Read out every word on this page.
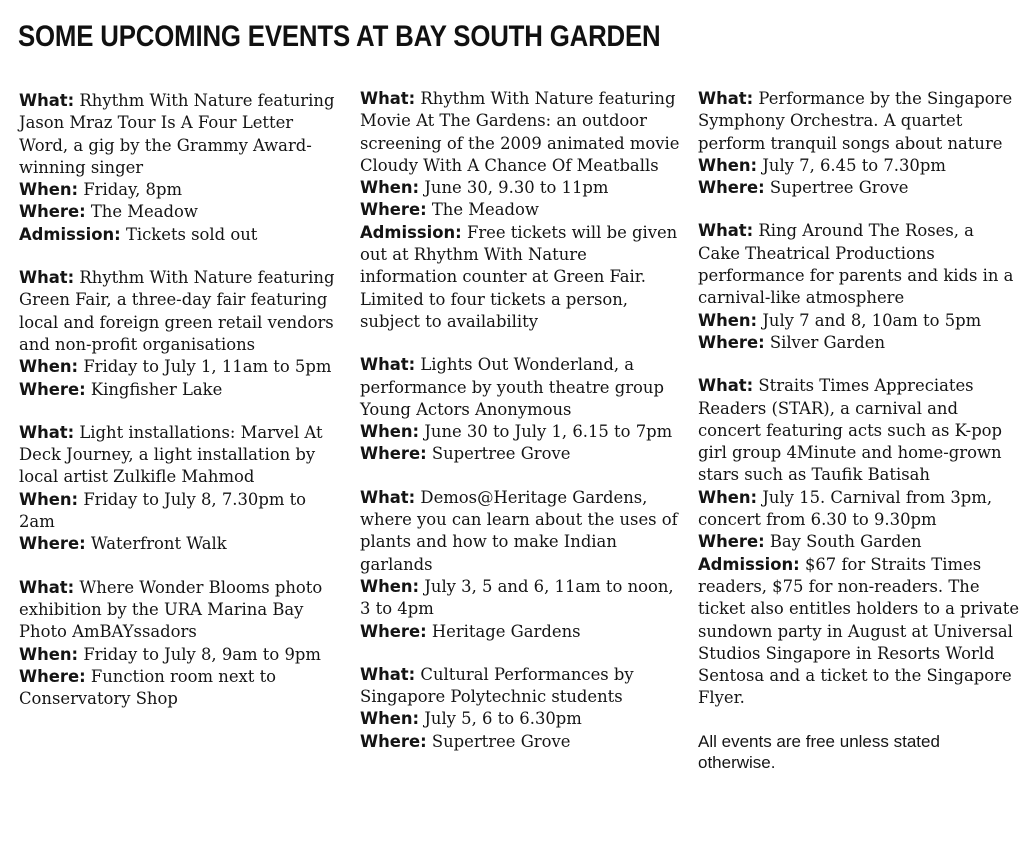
SOME UPCOMING EVENTS AT BAY SOUTH GARDEN

What: Rhythm With Nature featuring Jason Mraz Tour Is A Four Letter Word, a gig by the Grammy Award-winning singer

When: Friday, 8pm

Where: The Meadow

Admission: Tickets sold out

What: Rhythm With Nature featuring Green Fair, a three-day fair featuring local and foreign green retail vendors and non-profit organisations

When: Friday to July 1, 11am to 5pm

Where: Kingfisher Lake

What: Light installations: Marvel At Deck Journey, a light installation by local artist Zulkifle Mahmod

When: Friday to July 8, 7.30pm to 2am

Where: Waterfront Walk

What: Where Wonder Blooms photo exhibition by the URA Marina Bay Photo AmBAYssadors

When: Friday to July 8, 9am to 9pm

Where: Function room next to Conservatory Shop

What: Rhythm With Nature featuring Movie At The Gardens: an outdoor screening of the 2009 animated movie Cloudy With A Chance Of Meatballs

When: June 30, 9.30 to 11pm

Where: The Meadow

Admission: Free tickets will be given out at Rhythm With Nature information counter at Green Fair. Limited to four tickets a person, subject to availability

What: Lights Out Wonderland, a performance by youth theatre group Young Actors Anonymous

When: June 30 to July 1, 6.15 to 7pm

Where: Supertree Grove

What: Demos@Heritage Gardens, where you can learn about the uses of plants and how to make Indian garlands

When: July 3, 5 and 6, 11am to noon, 3 to 4pm

Where: Heritage Gardens

What: Cultural Performances by Singapore Polytechnic students

When: July 5, 6 to 6.30pm

Where: Supertree Grove

What: Performance by the Singapore Symphony Orchestra. A quartet perform tranquil songs about nature

When: July 7, 6.45 to 7.30pm

Where: Supertree Grove

What: Ring Around The Roses, a Cake Theatrical Productions performance for parents and kids in a carnival-like atmosphere

When: July 7 and 8, 10am to 5pm

Where: Silver Garden

What: Straits Times Appreciates Readers (STAR), a carnival and concert featuring acts such as K-pop girl group 4Minute and home-grown stars such as Taufik Batisah

When: July 15. Carnival from 3pm, concert from 6.30 to 9.30pm

Where: Bay South Garden

Admission: $67 for Straits Times readers, $75 for non-readers. The ticket also entitles holders to a private sundown party in August at Universal Studios Singapore in Resorts World Sentosa and a ticket to the Singapore Flyer.

All events are free unless stated otherwise.
